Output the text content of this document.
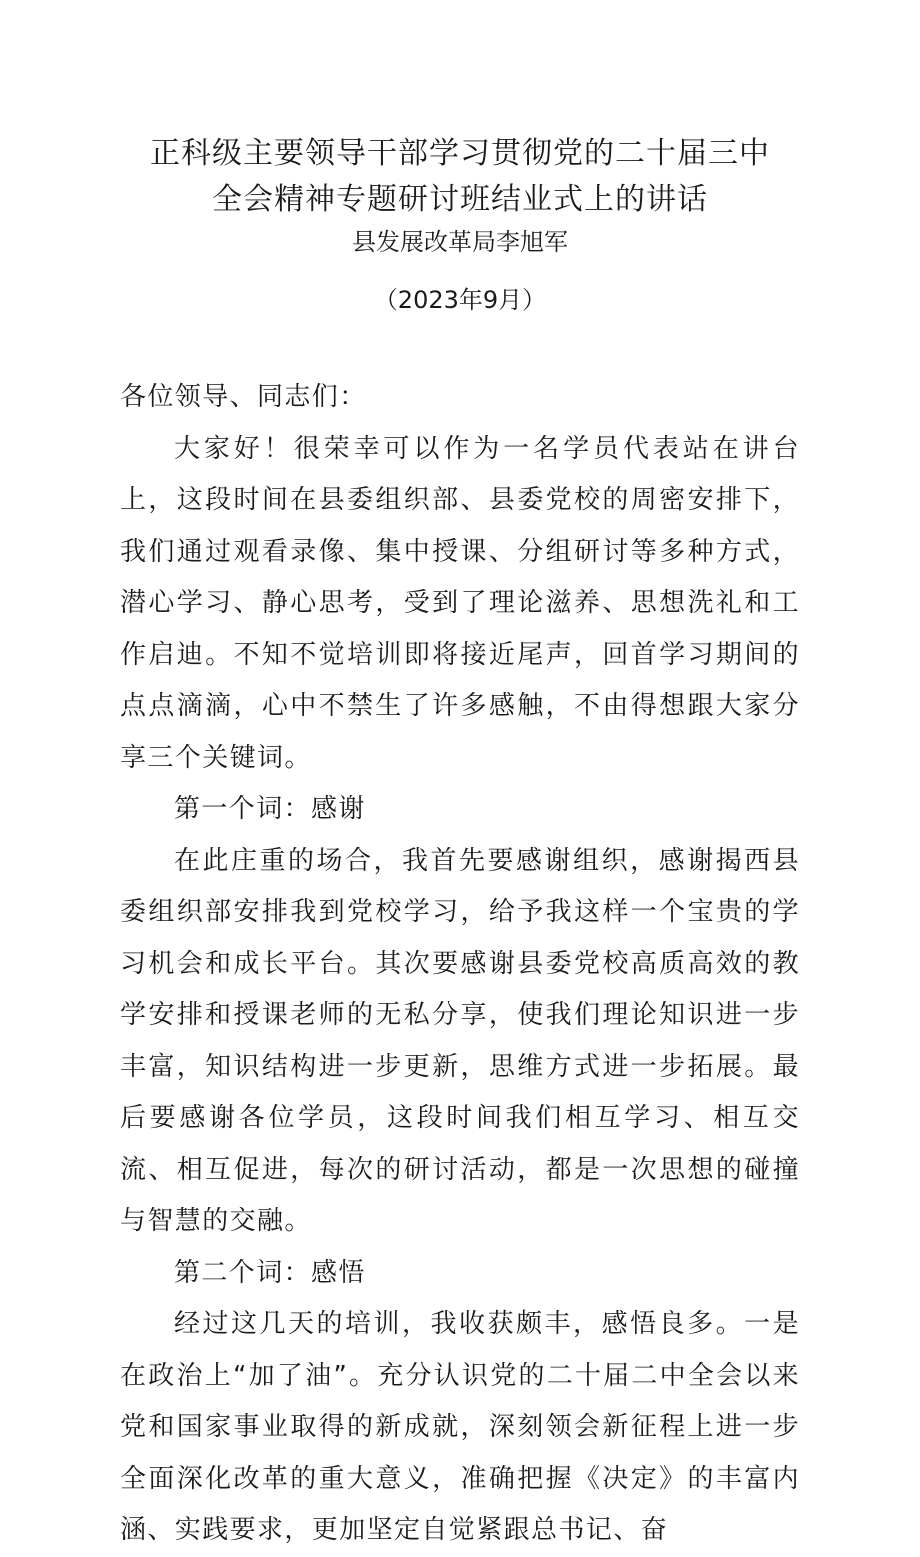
正科级主要领导干部学习贯彻党的二十届三中
全会精神专题研讨班结业式上的讲话
县发展改革局李旭军
（2023年9月）

各位领导、同志们：

大家好！很荣幸可以作为一名学员代表站在讲台上，这段时间在县委组织部、县委党校的周密安排下，我们通过观看录像、集中授课、分组研讨等多种方式，潜心学习、静心思考，受到了理论滋养、思想洗礼和工作启迪。不知不觉培训即将接近尾声，回首学习期间的点点滴滴，心中不禁生了许多感触，不由得想跟大家分享三个关键词。

第一个词：感谢

在此庄重的场合，我首先要感谢组织，感谢揭西县委组织部安排我到党校学习，给予我这样一个宝贵的学习机会和成长平台。其次要感谢县委党校高质高效的教学安排和授课老师的无私分享，使我们理论知识进一步丰富，知识结构进一步更新，思维方式进一步拓展。最后要感谢各位学员，这段时间我们相互学习、相互交流、相互促进，每次的研讨活动，都是一次思想的碰撞与智慧的交融。

第二个词：感悟

经过这几天的培训，我收获颇丰，感悟良多。一是在政治上“加了油”。充分认识党的二十届二中全会以来党和国家事业取得的新成就，深刻领会新征程上进一步全面深化改革的重大意义，准确把握《决定》的丰富内涵、实践要求，更加坚定自觉紧跟总书记、奋
